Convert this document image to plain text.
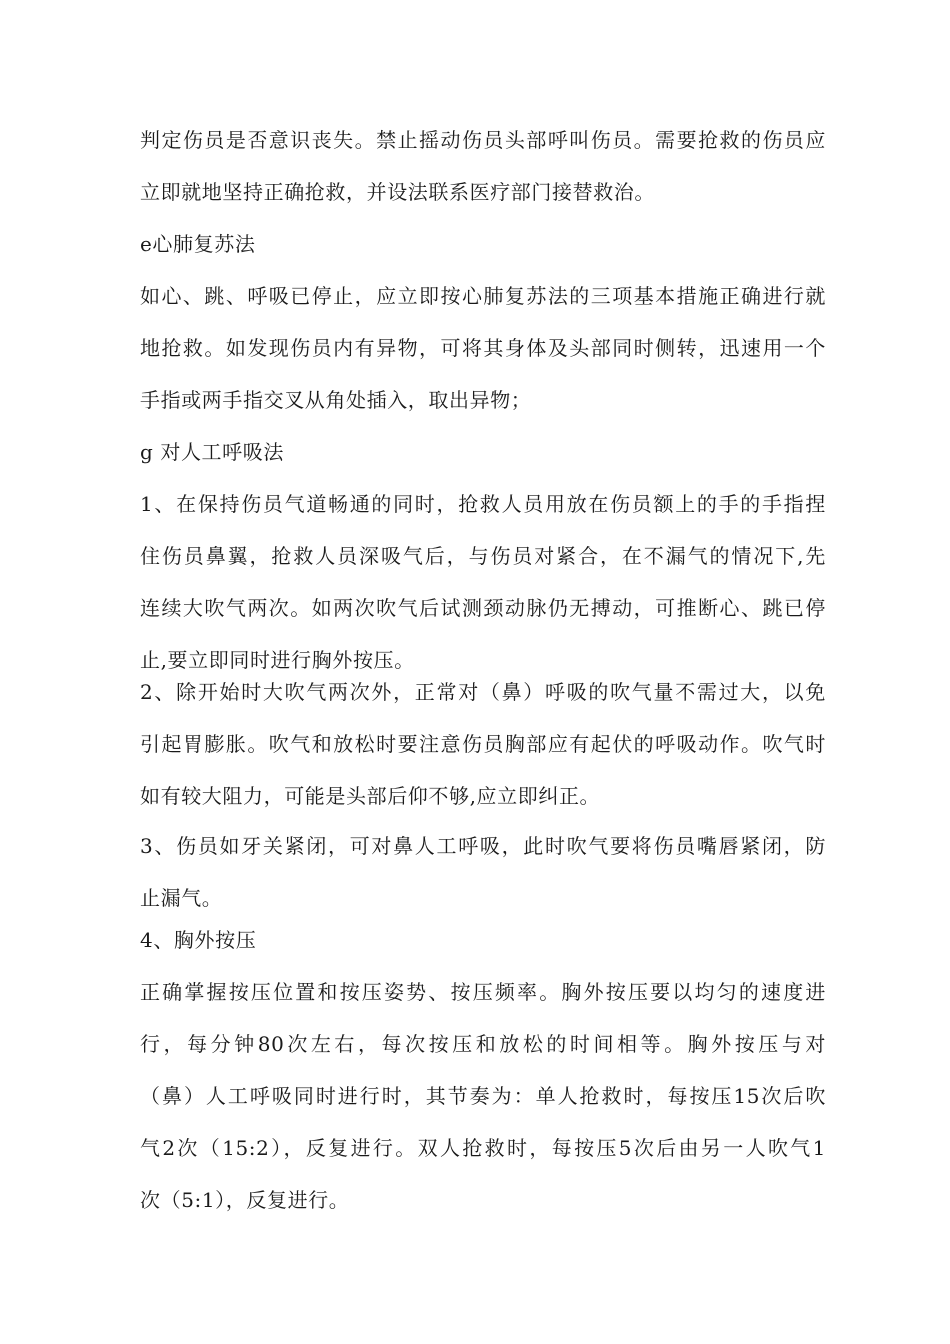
判定伤员是否意识丧失。禁止摇动伤员头部呼叫伤员。需要抢救的伤员应
立即就地坚持正确抢救，并设法联系医疗部门接替救治。

e心肺复苏法

如心、跳、呼吸已停止，应立即按心肺复苏法的三项基本措施正确进行就
地抢救。如发现伤员内有异物，可将其身体及头部同时侧转，迅速用一个
手指或两手指交叉从角处插入，取出异物；

g 对人工呼吸法

1、在保持伤员气道畅通的同时，抢救人员用放在伤员额上的手的手指捏
住伤员鼻翼，抢救人员深吸气后，与伤员对紧合，在不漏气的情况下,先
连续大吹气两次。如两次吹气后试测颈动脉仍无搏动，可推断心、跳已停
止,要立即同时进行胸外按压。

2、除开始时大吹气两次外，正常对（鼻）呼吸的吹气量不需过大，以免
引起胃膨胀。吹气和放松时要注意伤员胸部应有起伏的呼吸动作。吹气时
如有较大阻力，可能是头部后仰不够,应立即纠正。

3、伤员如牙关紧闭，可对鼻人工呼吸，此时吹气要将伤员嘴唇紧闭，防
止漏气。

4、胸外按压

正确掌握按压位置和按压姿势、按压频率。胸外按压要以均匀的速度进
行，每分钟80次左右，每次按压和放松的时间相等。胸外按压与对
（鼻）人工呼吸同时进行时，其节奏为：单人抢救时，每按压15次后吹
气2次（15:2），反复进行。双人抢救时，每按压5次后由另一人吹气1
次（5:1），反复进行。
